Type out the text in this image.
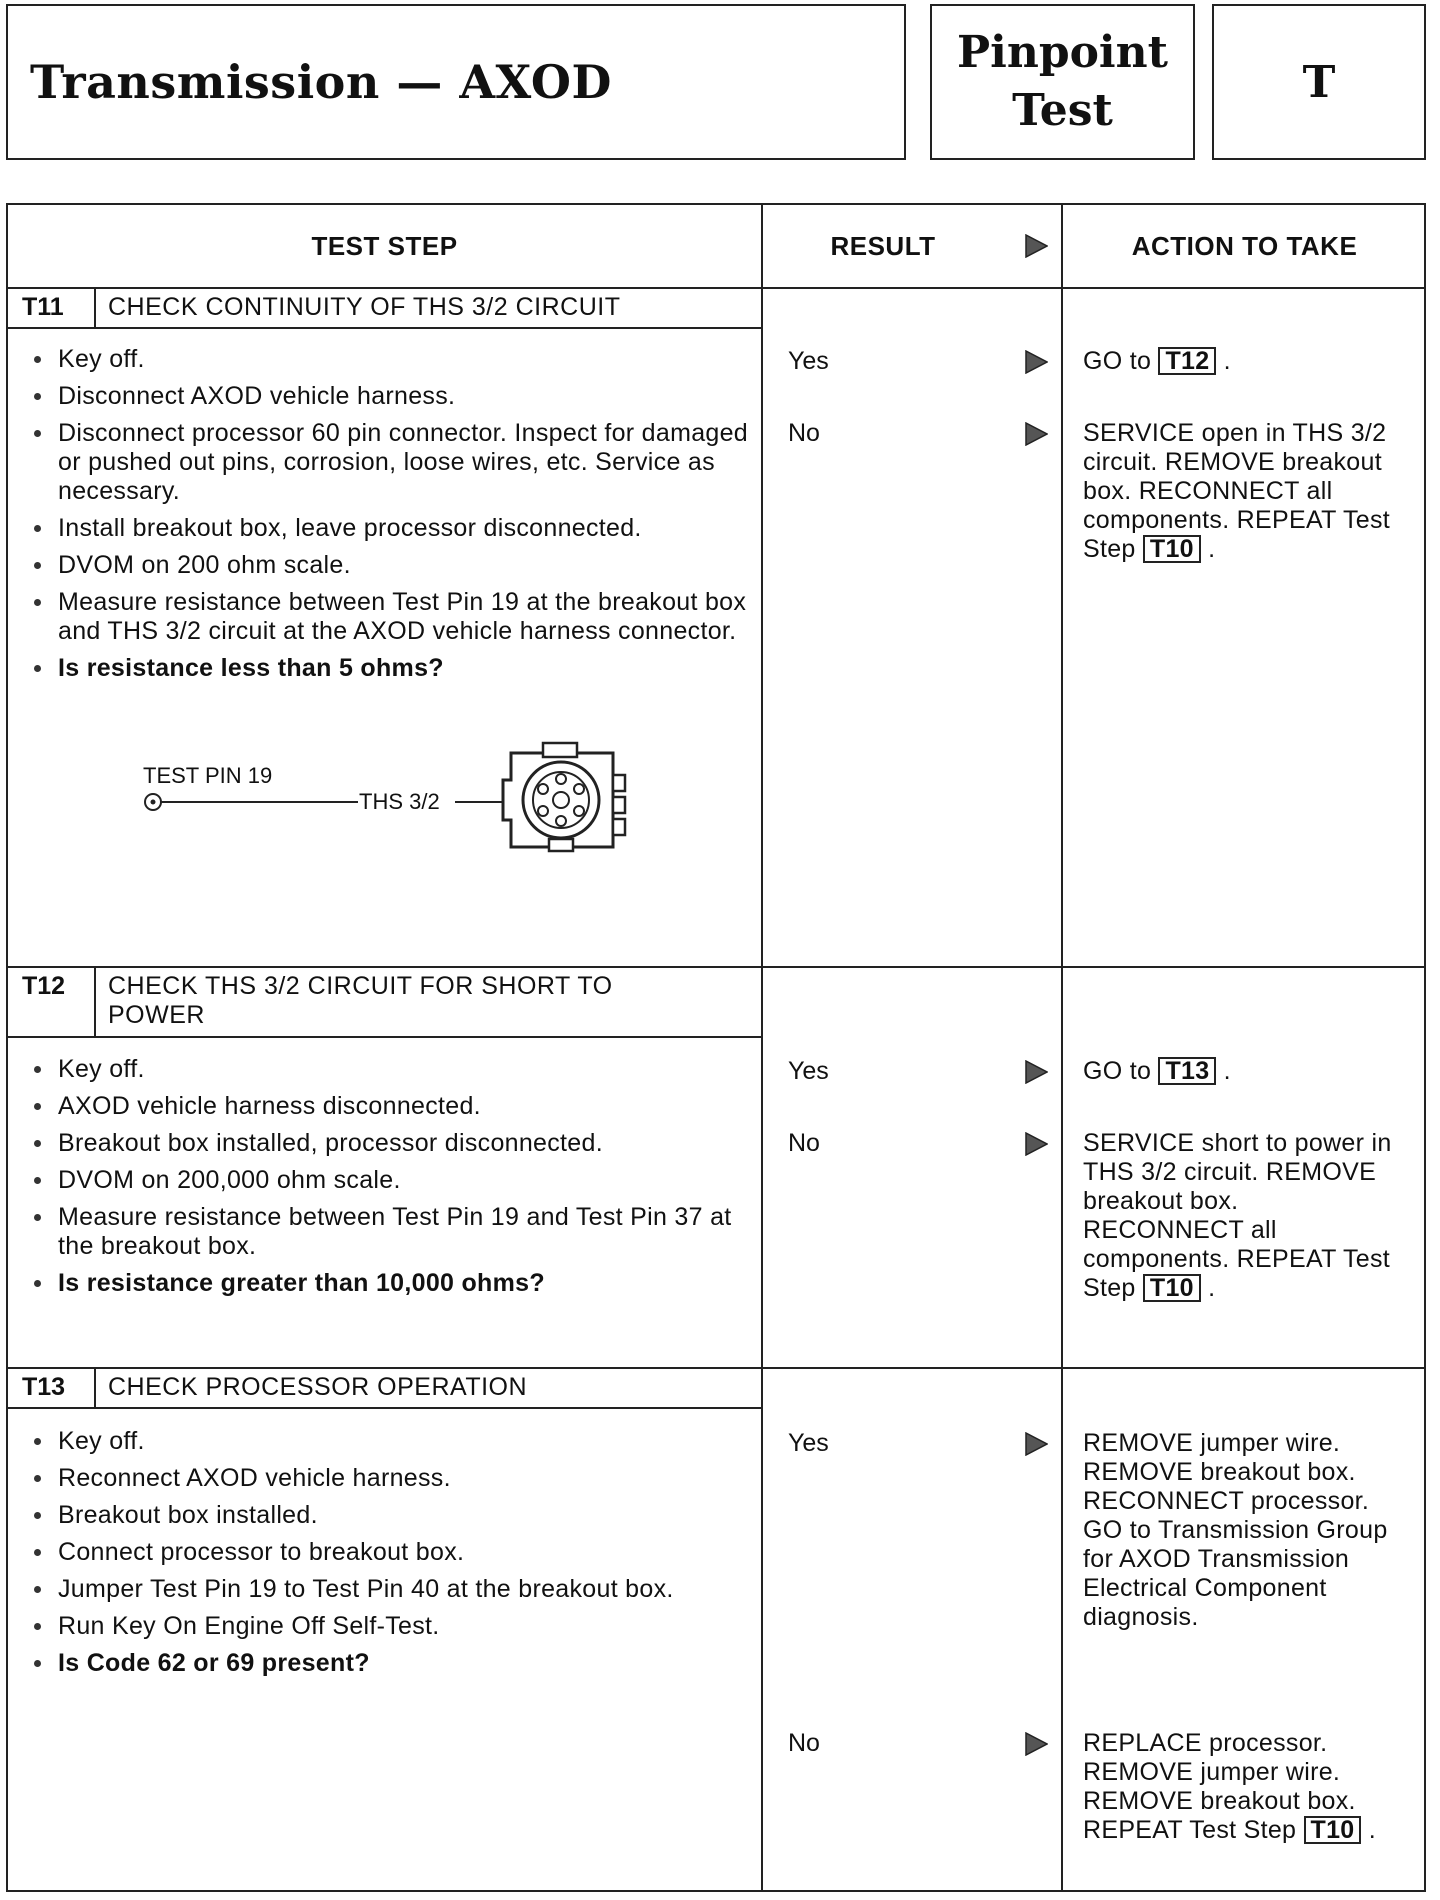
Transmission — AXOD
Pinpoint
Test
T
TEST STEP	RESULT	ACTION TO TAKE
T11 CHECK CONTINUITY OF THS 3/2 CIRCUIT
Key off.
Disconnect AXOD vehicle harness.
Disconnect processor 60 pin connector. Inspect for damaged or pushed out pins, corrosion, loose wires, etc. Service as necessary.
Install breakout box, leave processor disconnected.
DVOM on 200 ohm scale.
Measure resistance between Test Pin 19 at the breakout box and THS 3/2 circuit at the AXOD vehicle harness connector.
Is resistance less than 5 ohms?
TEST PIN 19
THS 3/2
Yes	GO to T12 .
No	SERVICE open in THS 3/2 circuit. REMOVE breakout box. RECONNECT all components. REPEAT Test Step T10 .
T12 CHECK THS 3/2 CIRCUIT FOR SHORT TO POWER
Key off.
AXOD vehicle harness disconnected.
Breakout box installed, processor disconnected.
DVOM on 200,000 ohm scale.
Measure resistance between Test Pin 19 and Test Pin 37 at the breakout box.
Is resistance greater than 10,000 ohms?
Yes	GO to T13 .
No	SERVICE short to power in THS 3/2 circuit. REMOVE breakout box. RECONNECT all components. REPEAT Test Step T10 .
T13 CHECK PROCESSOR OPERATION
Key off.
Reconnect AXOD vehicle harness.
Breakout box installed.
Connect processor to breakout box.
Jumper Test Pin 19 to Test Pin 40 at the breakout box.
Run Key On Engine Off Self-Test.
Is Code 62 or 69 present?
Yes	REMOVE jumper wire. REMOVE breakout box. RECONNECT processor. GO to Transmission Group for AXOD Transmission Electrical Component diagnosis.
No	REPLACE processor. REMOVE jumper wire. REMOVE breakout box. REPEAT Test Step T10 .
